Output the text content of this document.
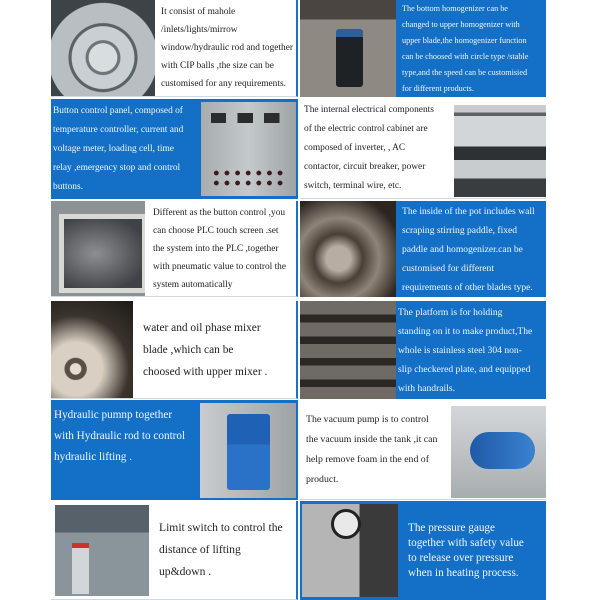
It consist of mahole
/inlets/lights/mirrow
window/hydraulic rod and together
with CIP balls ,the size can be
customised for any requirements.
The bottom homogenizer can be
changed to upper homogenizer with
upper blade,the homogenizer function
can be choosed with circle type /stable
type,and the speed can be customisied
for different products.
Button control panel, composed of
temperature controller, current and
voltage meter, loading cell, time
relay ,emergency stop and control
buttons.
The internal electrical components
of the electric control cabinet are
composed of inverter, , AC
contactor, circuit breaker, power
switch, terminal wire, etc.
Different as the button control ,you
can choose PLC touch screen .set
the system into the PLC ,together
with pneumatic value to control the
system automatically
The inside of the pot includes wall
scraping stirring paddle, fixed
paddle and homogenizer.can be
customised for different
requirements of other blades type.
water and oil phase mixer
blade ,which can be
choosed with upper mixer .
The platform is for holding
standing on it to make product,The
whole is stainless steel 304 non-
slip checkered plate, and equipped
with handrails.
Hydraulic pumnp together
with Hydraulic rod to control
hydraulic lifting .
The vacuum pump is to control
the vacuum inside the tank ,it can
help remove foam in the end of
product.
Limit switch to control the
distance of lifting
up&down .
The pressure gauge
together with safety value
to release over pressure
when in heating process.
